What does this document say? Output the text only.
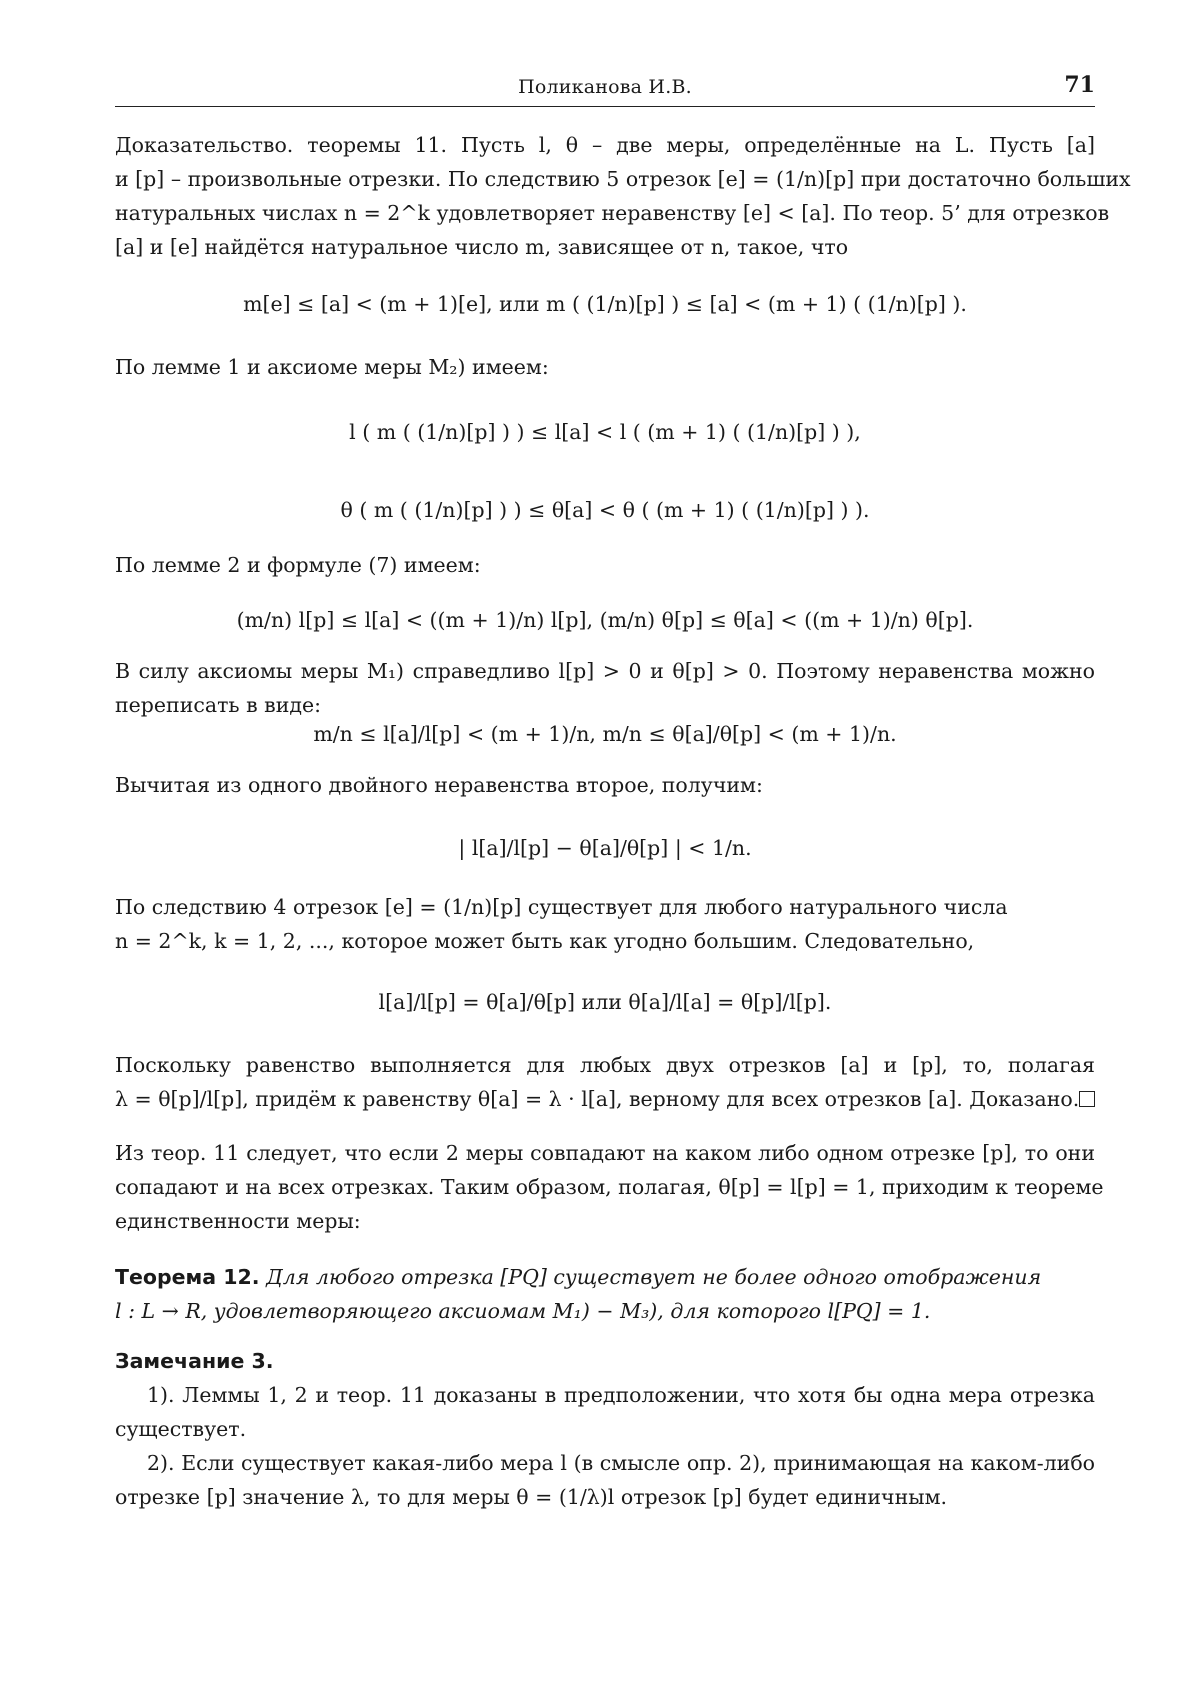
Поликанова И.В.	71
Доказательство. теоремы 11. Пусть l, θ – две меры, определённые на L. Пусть [a]
и [p] – произвольные отрезки. По следствию 5 отрезок [e] = (1/n)[p] при достаточно больших
натуральных числах n = 2^k удовлетворяет неравенству [e] < [a]. По теор. 5’ для отрезков
[a] и [e] найдётся натуральное число m, зависящее от n, такое, что
m[e] ≤ [a] < (m + 1)[e], или m ( (1/n)[p] ) ≤ [a] < (m + 1) ( (1/n)[p] ).
По лемме 1 и аксиоме меры M₂) имеем:
l ( m ( (1/n)[p] ) ) ≤ l[a] < l ( (m + 1) ( (1/n)[p] ) ),
θ ( m ( (1/n)[p] ) ) ≤ θ[a] < θ ( (m + 1) ( (1/n)[p] ) ).
По лемме 2 и формуле (7) имеем:
(m/n) l[p] ≤ l[a] < ((m + 1)/n) l[p], (m/n) θ[p] ≤ θ[a] < ((m + 1)/n) θ[p].
В силу аксиомы меры M₁) справедливо l[p] > 0 и θ[p] > 0. Поэтому неравенства можно
переписать в виде:
m/n ≤ l[a]/l[p] < (m + 1)/n, m/n ≤ θ[a]/θ[p] < (m + 1)/n.
Вычитая из одного двойного неравенства второе, получим:
| l[a]/l[p] − θ[a]/θ[p] | < 1/n.
По следствию 4 отрезок [e] = (1/n)[p] существует для любого натурального числа
n = 2^k, k = 1, 2, ..., которое может быть как угодно большим. Следовательно,
l[a]/l[p] = θ[a]/θ[p] или θ[a]/l[a] = θ[p]/l[p].
Поскольку равенство выполняется для любых двух отрезков [a] и [p], то, полагая
λ = θ[p]/l[p], придём к равенству θ[a] = λ · l[a], верному для всех отрезков [a]. Доказано.
Из теор. 11 следует, что если 2 меры совпадают на каком либо одном отрезке [p], то они
сопадают и на всех отрезках. Таким образом, полагая, θ[p] = l[p] = 1, приходим к теореме
единственности меры:
Теорема 12. Для любого отрезка [PQ] существует не более одного отображения
l : L → R, удовлетворяющего аксиомам M₁) − M₃), для которого l[PQ] = 1.
Замечание 3.
1). Леммы 1, 2 и теор. 11 доказаны в предположении, что хотя бы одна мера отрезка
существует.
2). Если существует какая-либо мера l (в смысле опр. 2), принимающая на каком-либо
отрезке [p] значение λ, то для меры θ = (1/λ)l отрезок [p] будет единичным.
